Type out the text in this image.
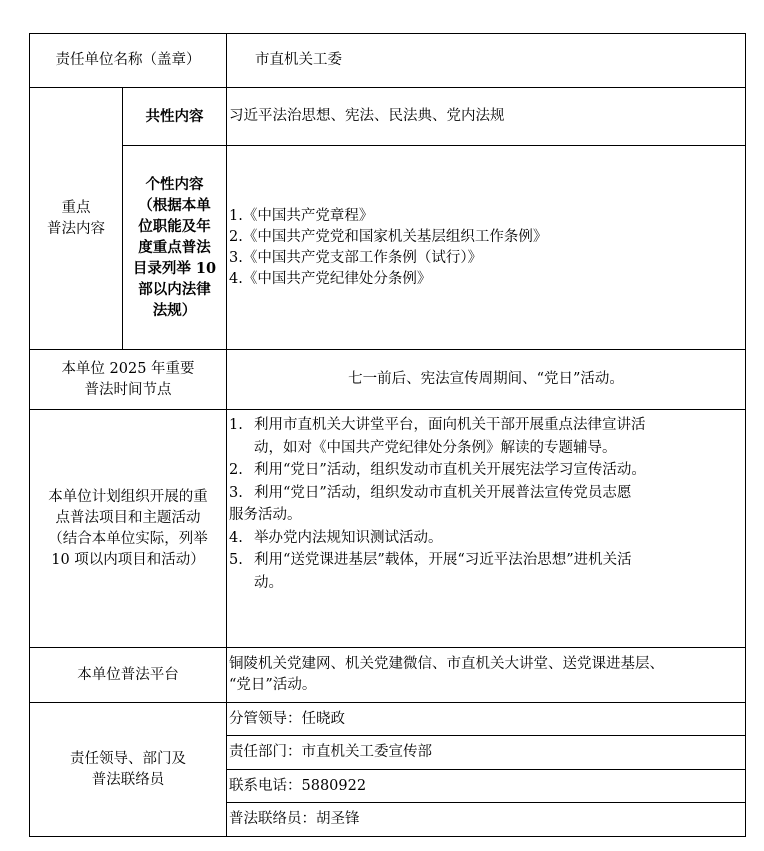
责任单位名称（盖章）	市直机关工委
重点
普法内容
共性内容	习近平法治思想、宪法、民法典、党内法规
个性内容
（根据本单
位职能及年
度重点普法
目录列举 10
部以内法律
法规）
1.《中国共产党章程》
2.《中国共产党党和国家机关基层组织工作条例》
3.《中国共产党支部工作条例（试行）》
4.《中国共产党纪律处分条例》
本单位 2025 年重要
普法时间节点
七一前后、宪法宣传周期间、“党日”活动。
本单位计划组织开展的重
点普法项目和主题活动
（结合本单位实际，列举
10 项以内项目和活动）
1. 利用市直机关大讲堂平台，面向机关干部开展重点法律宣讲活
动，如对《中国共产党纪律处分条例》解读的专题辅导。
2. 利用“党日”活动，组织发动市直机关开展宪法学习宣传活动。
3. 利用“党日”活动，组织发动市直机关开展普法宣传党员志愿
服务活动。
4. 举办党内法规知识测试活动。
5. 利用“送党课进基层”载体，开展“习近平法治思想”进机关活
动。
本单位普法平台
铜陵机关党建网、机关党建微信、市直机关大讲堂、送党课进基层、
“党日”活动。
责任领导、部门及
普法联络员
分管领导：任晓政
责任部门：市直机关工委宣传部
联系电话：5880922
普法联络员：胡圣锋
